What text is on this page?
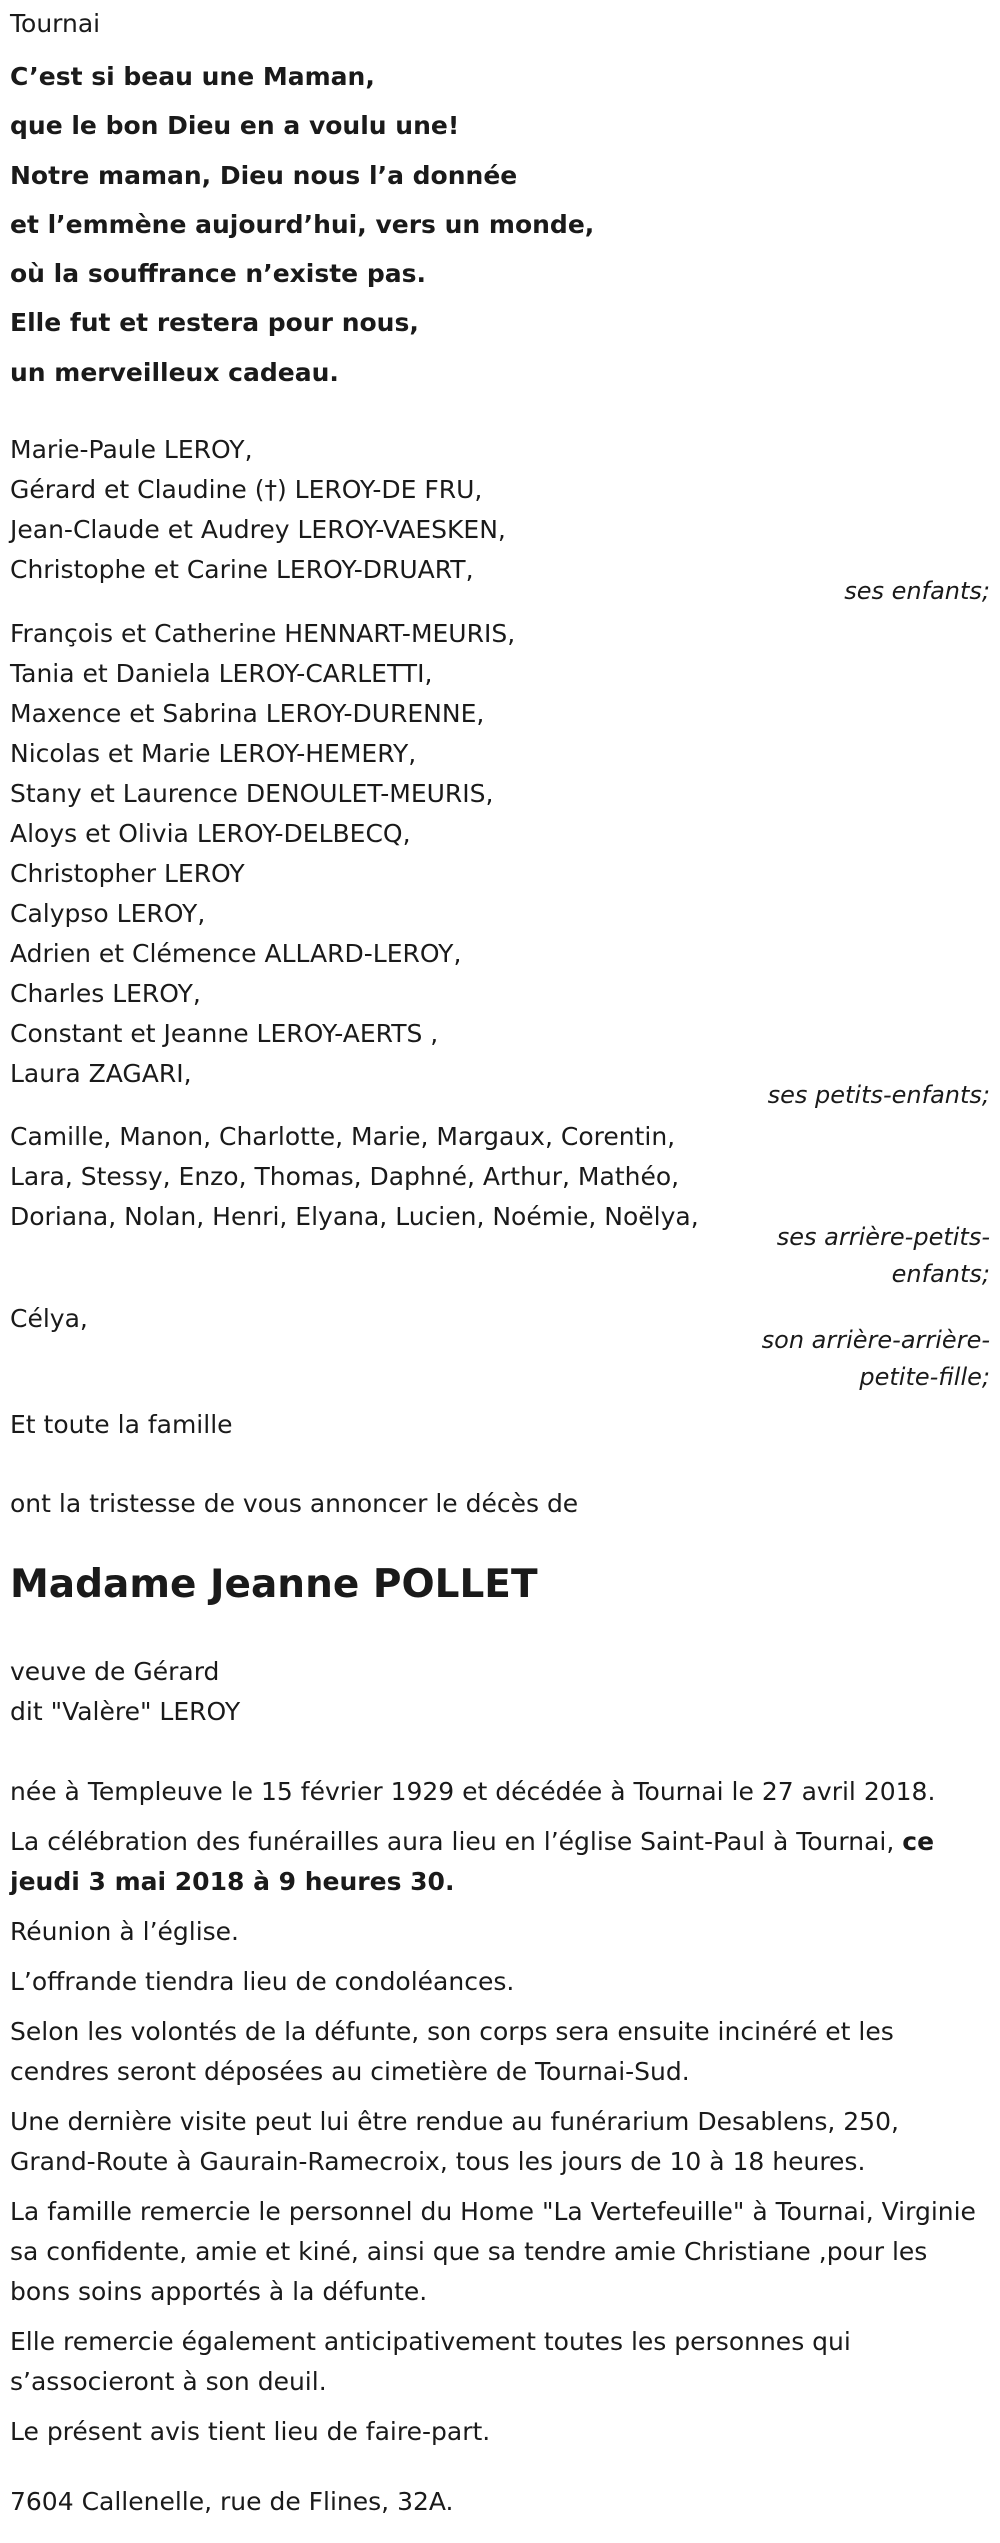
Tournai
C’est si beau une Maman,
que le bon Dieu en a voulu une!
Notre maman, Dieu nous l’a donnée
et l’emmène aujourd’hui, vers un monde,
où la souffrance n’existe pas.
Elle fut et restera pour nous,
un merveilleux cadeau.
Marie-Paule LEROY,
Gérard et Claudine (†) LEROY-DE FRU,
Jean-Claude et Audrey LEROY-VAESKEN,
Christophe et Carine LEROY-DRUART,
ses enfants;
François et Catherine HENNART-MEURIS,
Tania et Daniela LEROY-CARLETTI,
Maxence et Sabrina LEROY-DURENNE,
Nicolas et Marie LEROY-HEMERY,
Stany et Laurence DENOULET-MEURIS,
Aloys et Olivia LEROY-DELBECQ,
Christopher LEROY
Calypso LEROY,
Adrien et Clémence ALLARD-LEROY,
Charles LEROY,
Constant et Jeanne LEROY-AERTS ,
Laura ZAGARI,
ses petits-enfants;
Camille, Manon, Charlotte, Marie, Margaux, Corentin,
Lara, Stessy, Enzo, Thomas, Daphné, Arthur, Mathéo,
Doriana, Nolan, Henri, Elyana, Lucien, Noémie, Noëlya,
ses arrière-petits-
enfants;
Célya,
son arrière-arrière-
petite-fille;
Et toute la famille
ont la tristesse de vous annoncer le décès de
Madame Jeanne POLLET
veuve de Gérard
dit "Valère" LEROY

née à Templeuve le 15 février 1929 et décédée à Tournai le 27 avril 2018.

La célébration des funérailles aura lieu en l’église Saint-Paul à Tournai, ce jeudi 3 mai 2018 à 9 heures 30.

Réunion à l’église.

L’offrande tiendra lieu de condoléances.

Selon les volontés de la défunte, son corps sera ensuite incinéré et les cendres seront déposées au cimetière de Tournai-Sud.

Une dernière visite peut lui être rendue au funérarium Desablens, 250, Grand-Route à Gaurain-Ramecroix, tous les jours de 10 à 18 heures.

La famille remercie le personnel du Home "La Vertefeuille" à Tournai, Virginie sa confidente, amie et kiné, ainsi que sa tendre amie Christiane ,pour les bons soins apportés à la défunte.

Elle remercie également anticipativement toutes les personnes qui s’associeront à son deuil.

Le présent avis tient lieu de faire-part.

7604 Callenelle, rue de Flines, 32A.
